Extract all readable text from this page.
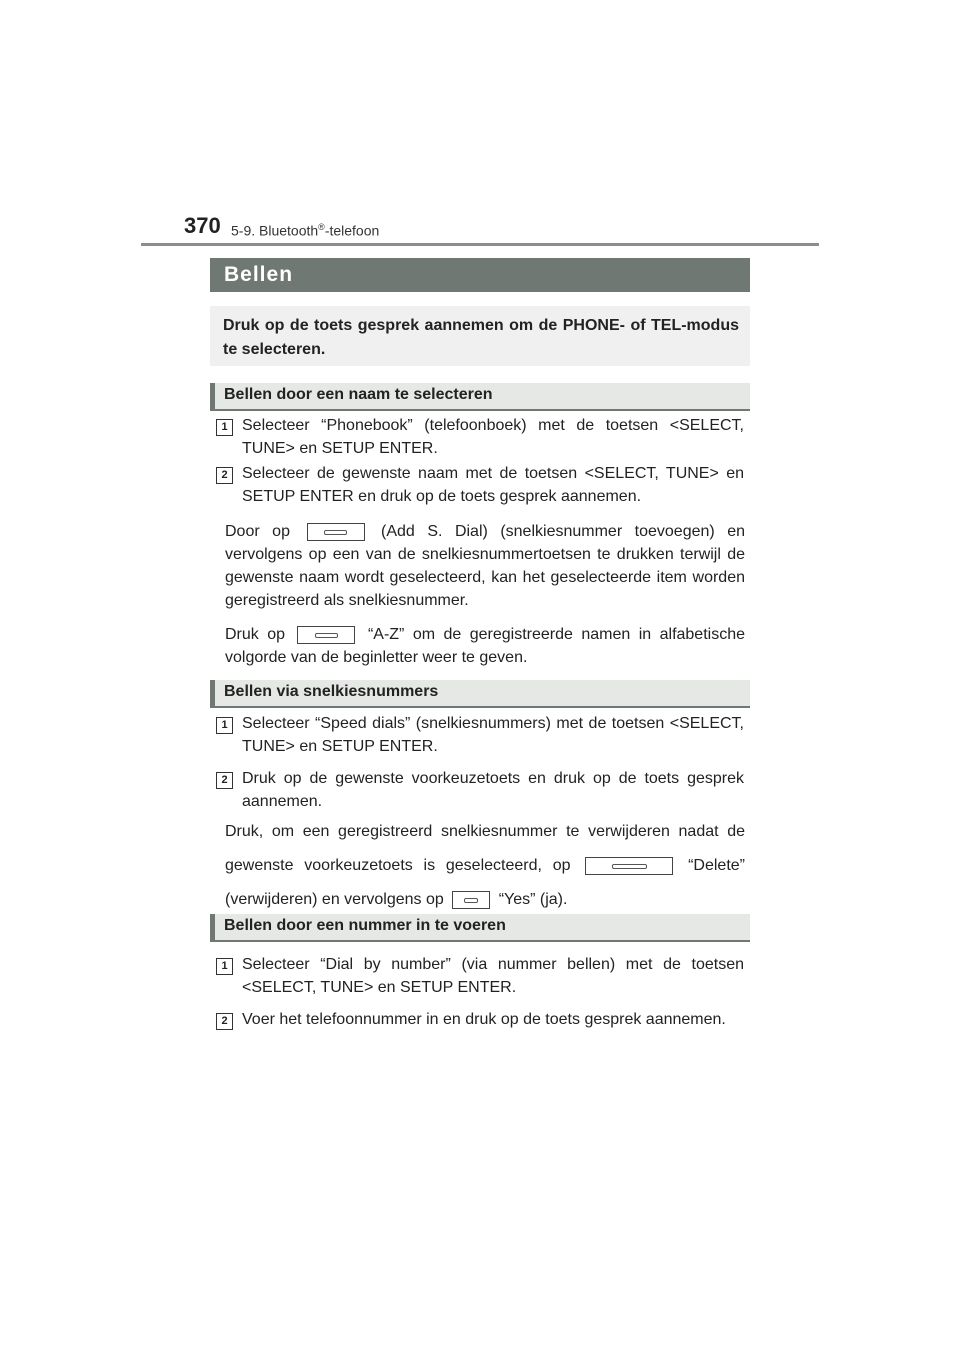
370 5-9. Bluetooth®-telefoon
Bellen
Druk op de toets gesprek aannemen om de PHONE- of TEL-modus te selecteren.
Bellen door een naam te selecteren
1 Selecteer “Phonebook” (telefoonboek) met de toetsen <SELECT, TUNE> en SETUP ENTER.
2 Selecteer de gewenste naam met de toetsen <SELECT, TUNE> en SETUP ENTER en druk op de toets gesprek aannemen.
Door op	(Add S. Dial) (snelkiesnummer toevoegen) en vervolgens op een van de snelkiesnummertoetsen te drukken terwijl de gewenste naam wordt geselecteerd, kan het geselecteerde item worden geregistreerd als snelkiesnummer.
Druk op	“A-Z” om de geregistreerde namen in alfabetische volgorde van de beginletter weer te geven.
Bellen via snelkiesnummers
1 Selecteer “Speed dials” (snelkiesnummers) met de toetsen <SELECT, TUNE> en SETUP ENTER.
2 Druk op de gewenste voorkeuzetoets en druk op de toets gesprek aannemen.
Druk, om een geregistreerd snelkiesnummer te verwijderen nadat de gewenste voorkeuzetoets is geselecteerd, op	“Delete” (verwijderen) en vervolgens op	“Yes” (ja).
Bellen door een nummer in te voeren
1 Selecteer “Dial by number” (via nummer bellen) met de toetsen <SELECT, TUNE> en SETUP ENTER.
2 Voer het telefoonnummer in en druk op de toets gesprek aannemen.
